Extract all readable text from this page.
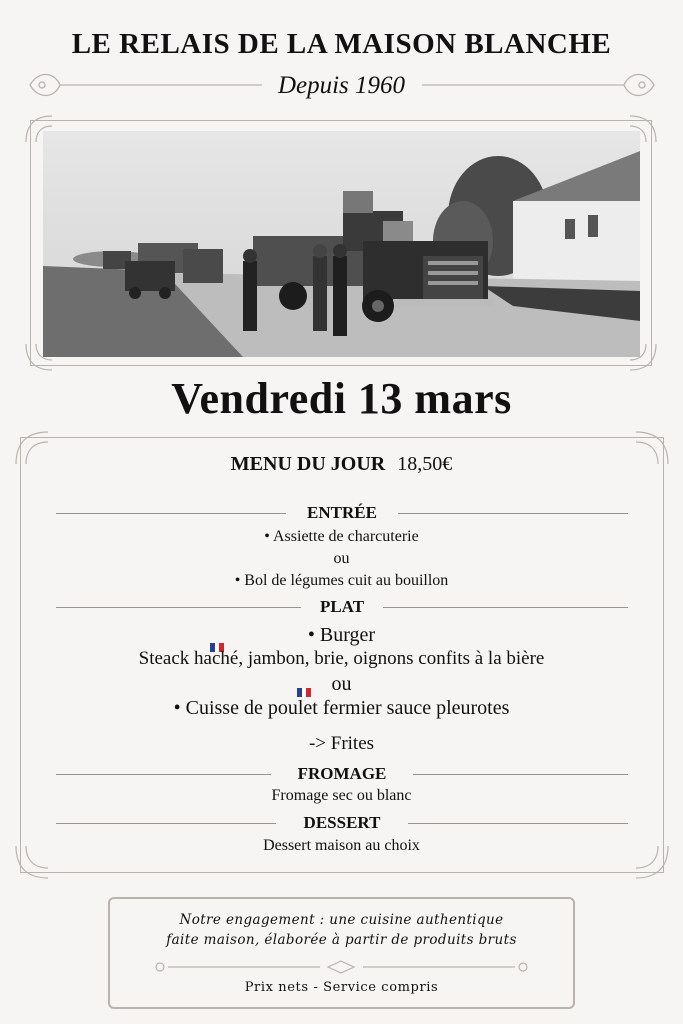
LE RELAIS DE LA MAISON BLANCHE
Depuis 1960
Vendredi 13 mars
MENU DU JOUR 18,50€
ENTRÉE
• Assiette de charcuterie
ou
• Bol de légumes cuit au bouillon
PLAT
• Burger
Steack haché, jambon, brie, oignons confits à la bière
ou
• Cuisse de poulet fermier sauce pleurotes
-> Frites
FROMAGE
Fromage sec ou blanc
DESSERT
Dessert maison au choix
Notre engagement : une cuisine authentique
faite maison, élaborée à partir de produits bruts
Prix nets - Service compris
